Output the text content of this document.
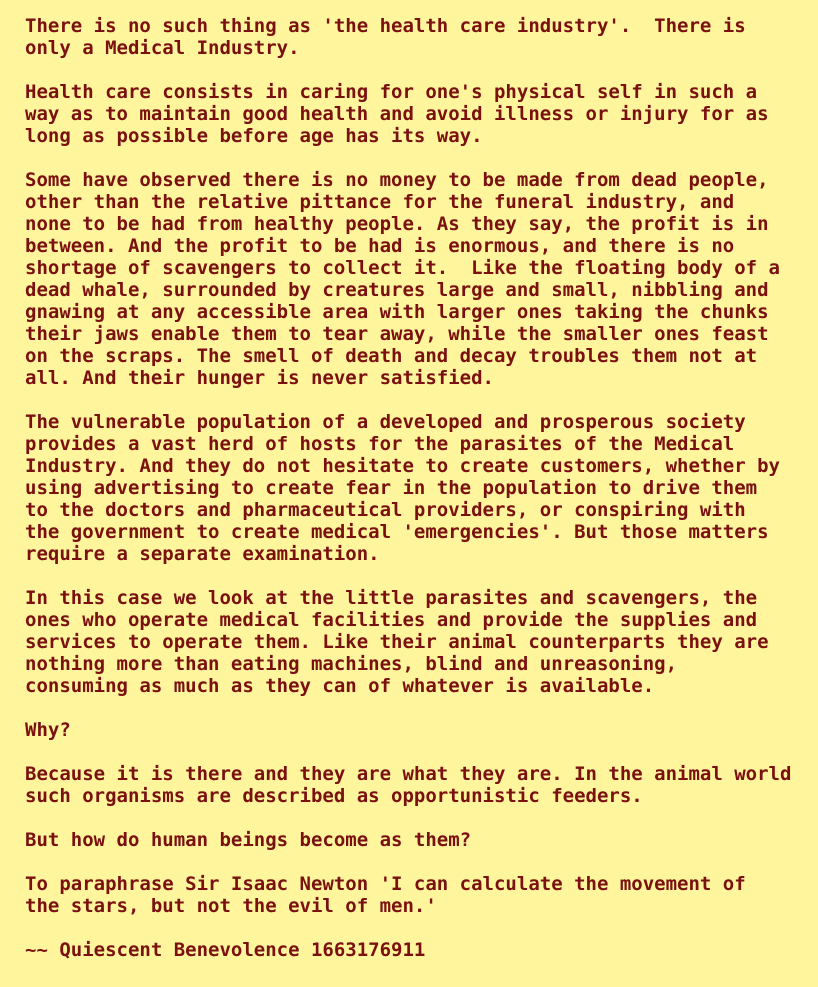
There is no such thing as 'the health care industry'.  There is
only a Medical Industry.

Health care consists in caring for one's physical self in such a
way as to maintain good health and avoid illness or injury for as
long as possible before age has its way.

Some have observed there is no money to be made from dead people,
other than the relative pittance for the funeral industry, and
none to be had from healthy people. As they say, the profit is in
between. And the profit to be had is enormous, and there is no
shortage of scavengers to collect it.  Like the floating body of a
dead whale, surrounded by creatures large and small, nibbling and
gnawing at any accessible area with larger ones taking the chunks
their jaws enable them to tear away, while the smaller ones feast
on the scraps. The smell of death and decay troubles them not at
all. And their hunger is never satisfied.

The vulnerable population of a developed and prosperous society
provides a vast herd of hosts for the parasites of the Medical
Industry. And they do not hesitate to create customers, whether by
using advertising to create fear in the population to drive them
to the doctors and pharmaceutical providers, or conspiring with
the government to create medical 'emergencies'. But those matters
require a separate examination.

In this case we look at the little parasites and scavengers, the
ones who operate medical facilities and provide the supplies and
services to operate them. Like their animal counterparts they are
nothing more than eating machines, blind and unreasoning,
consuming as much as they can of whatever is available.

Why?

Because it is there and they are what they are. In the animal world
such organisms are described as opportunistic feeders.

But how do human beings become as them?

To paraphrase Sir Isaac Newton 'I can calculate the movement of
the stars, but not the evil of men.'

~~ Quiescent Benevolence 1663176911
